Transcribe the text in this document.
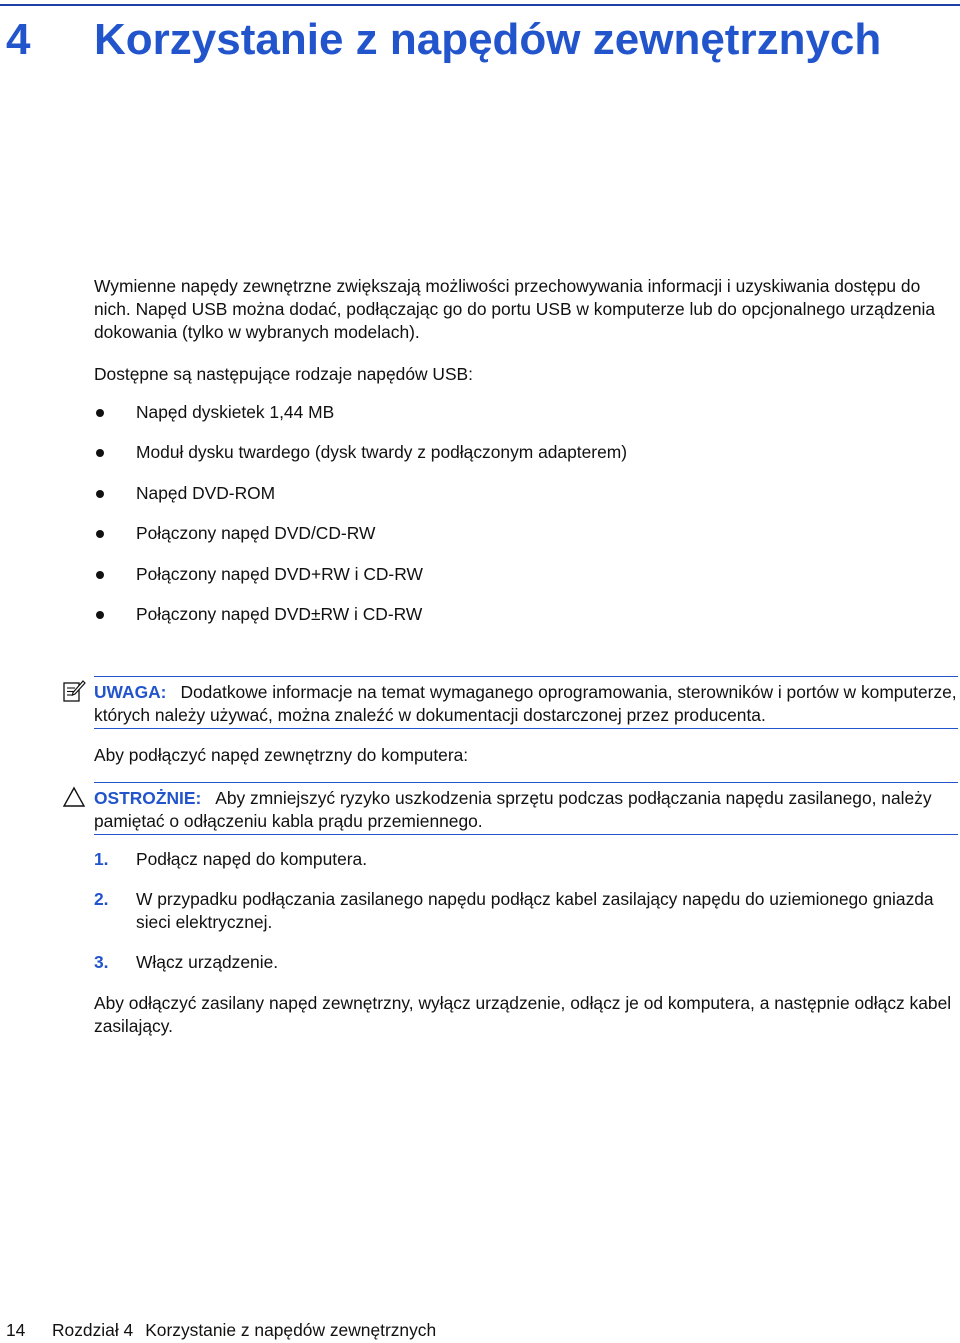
4 Korzystanie z napędów zewnętrznych

Wymienne napędy zewnętrzne zwiększają możliwości przechowywania informacji i uzyskiwania dostępu do nich. Napęd USB można dodać, podłączając go do portu USB w komputerze lub do opcjonalnego urządzenia dokowania (tylko w wybranych modelach).

Dostępne są następujące rodzaje napędów USB:

Napęd dyskietek 1,44 MB
Moduł dysku twardego (dysk twardy z podłączonym adapterem)
Napęd DVD-ROM
Połączony napęd DVD/CD-RW
Połączony napęd DVD+RW i CD-RW
Połączony napęd DVD±RW i CD-RW
UWAGA: Dodatkowe informacje na temat wymaganego oprogramowania, sterowników i portów w komputerze, których należy używać, można znaleźć w dokumentacji dostarczonej przez producenta.

Aby podłączyć napęd zewnętrzny do komputera:

OSTROŻNIE: Aby zmniejszyć ryzyko uszkodzenia sprzętu podczas podłączania napędu zasilanego, należy pamiętać o odłączeniu kabla prądu przemiennego.
1. Podłącz napęd do komputera.
2. W przypadku podłączania zasilanego napędu podłącz kabel zasilający napędu do uziemionego gniazda sieci elektrycznej.
3. Włącz urządzenie.

Aby odłączyć zasilany napęd zewnętrzny, wyłącz urządzenie, odłącz je od komputera, a następnie odłącz kabel zasilający.

14 Rozdział 4 Korzystanie z napędów zewnętrznych
